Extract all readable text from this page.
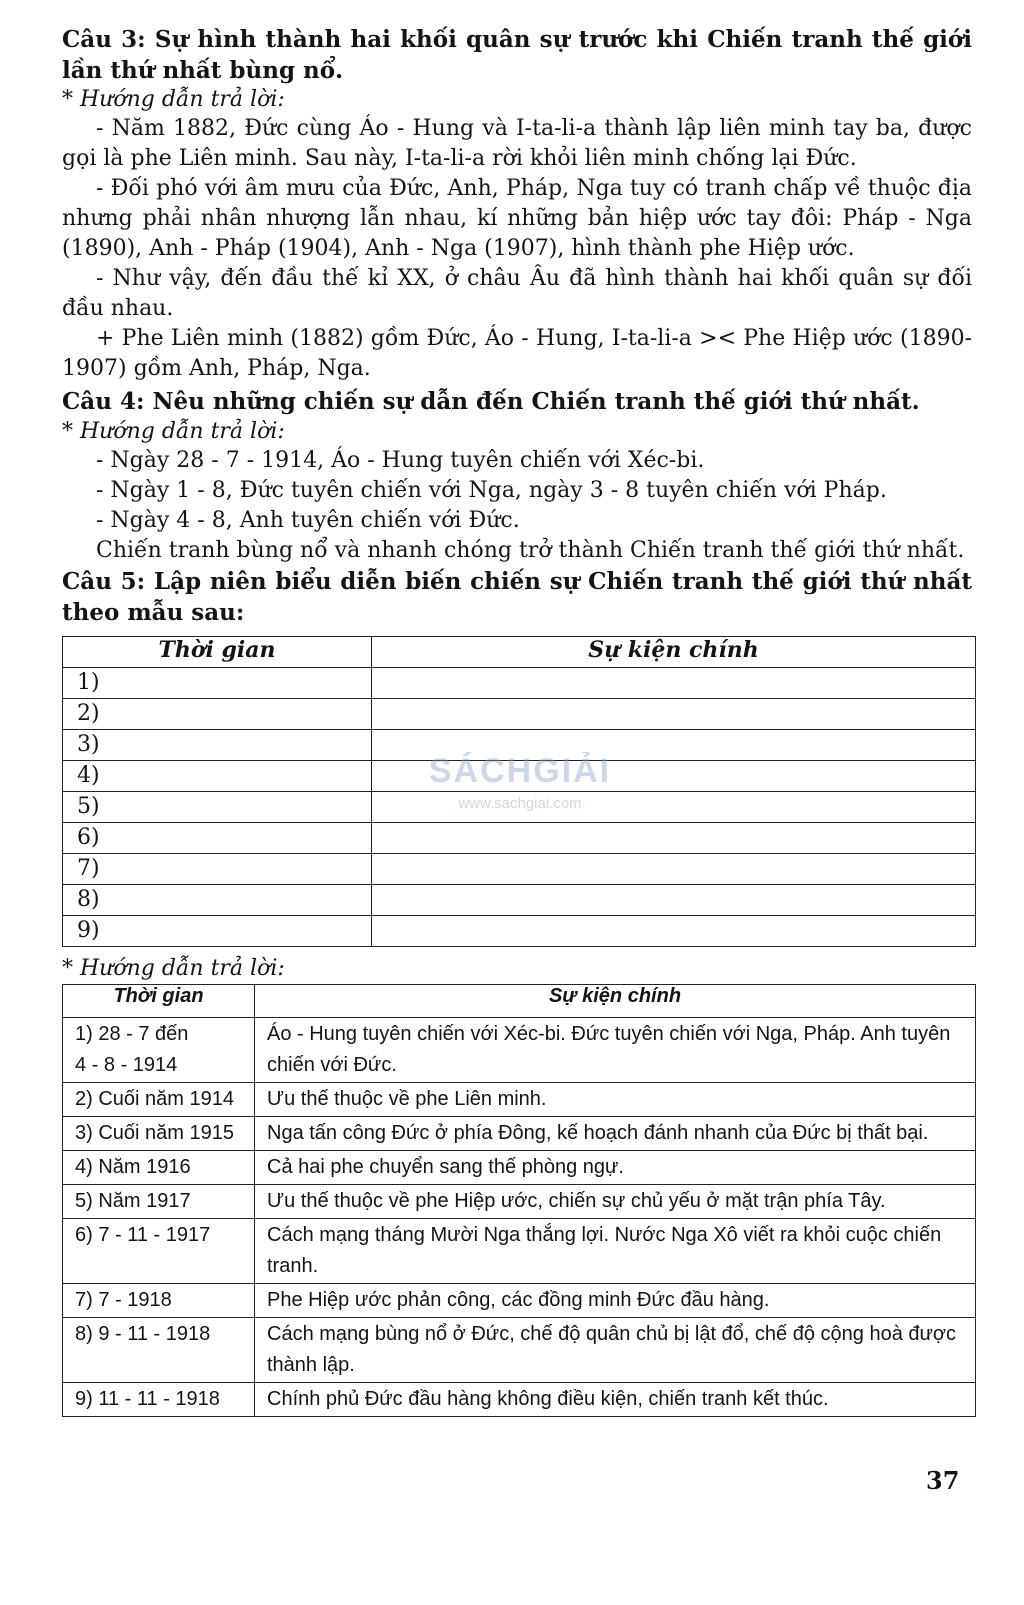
Câu 3: Sự hình thành hai khối quân sự trước khi Chiến tranh thế giới lần thứ nhất bùng nổ.

* Hướng dẫn trả lời:

- Năm 1882, Đức cùng Áo - Hung và I-ta-li-a thành lập liên minh tay ba, được gọi là phe Liên minh. Sau này, I-ta-li-a rời khỏi liên minh chống lại Đức.

- Đối phó với âm mưu của Đức, Anh, Pháp, Nga tuy có tranh chấp về thuộc địa nhưng phải nhân nhượng lẫn nhau, kí những bản hiệp ước tay đôi: Pháp - Nga (1890), Anh - Pháp (1904), Anh - Nga (1907), hình thành phe Hiệp ước.

- Như vậy, đến đầu thế kỉ XX, ở châu Âu đã hình thành hai khối quân sự đối đầu nhau.

+ Phe Liên minh (1882) gồm Đức, Áo - Hung, I-ta-li-a >< Phe Hiệp ước (1890- 1907) gồm Anh, Pháp, Nga.

Câu 4: Nêu những chiến sự dẫn đến Chiến tranh thế giới thứ nhất.

* Hướng dẫn trả lời:

- Ngày 28 - 7 - 1914, Áo - Hung tuyên chiến với Xéc-bi.

- Ngày 1 - 8, Đức tuyên chiến với Nga, ngày 3 - 8 tuyên chiến với Pháp.

- Ngày 4 - 8, Anh tuyên chiến với Đức.

Chiến tranh bùng nổ và nhanh chóng trở thành Chiến tranh thế giới thứ nhất.

Câu 5: Lập niên biểu diễn biến chiến sự Chiến tranh thế giới thứ nhất theo mẫu sau:

Thời gian	Sự kiện chính
1)	
2)	
3)	
4)	
5)	
6)	
7)	
8)	
9)	

* Hướng dẫn trả lời:

Thời gian	Sự kiện chính
1) 28 - 7 đến
4 - 8 - 1914	Áo - Hung tuyên chiến với Xéc-bi. Đức tuyên chiến với Nga, Pháp. Anh tuyên chiến với Đức.
2) Cuối năm 1914	Ưu thế thuộc về phe Liên minh.
3) Cuối năm 1915	Nga tấn công Đức ở phía Đông, kế hoạch đánh nhanh của Đức bị thất bại.
4) Năm 1916	Cả hai phe chuyển sang thế phòng ngự.
5) Năm 1917	Ưu thế thuộc về phe Hiệp ước, chiến sự chủ yếu ở mặt trận phía Tây.
6) 7 - 11 - 1917	Cách mạng tháng Mười Nga thắng lợi. Nước Nga Xô viết ra khỏi cuộc chiến tranh.
7) 7 - 1918	Phe Hiệp ước phản công, các đồng minh Đức đầu hàng.
8) 9 - 11 - 1918	Cách mạng bùng nổ ở Đức, chế độ quân chủ bị lật đổ, chế độ cộng hoà được thành lập.
9) 11 - 11 - 1918	Chính phủ Đức đầu hàng không điều kiện, chiến tranh kết thúc.
SÁCHGIẢI
www.sachgiai.com

37
